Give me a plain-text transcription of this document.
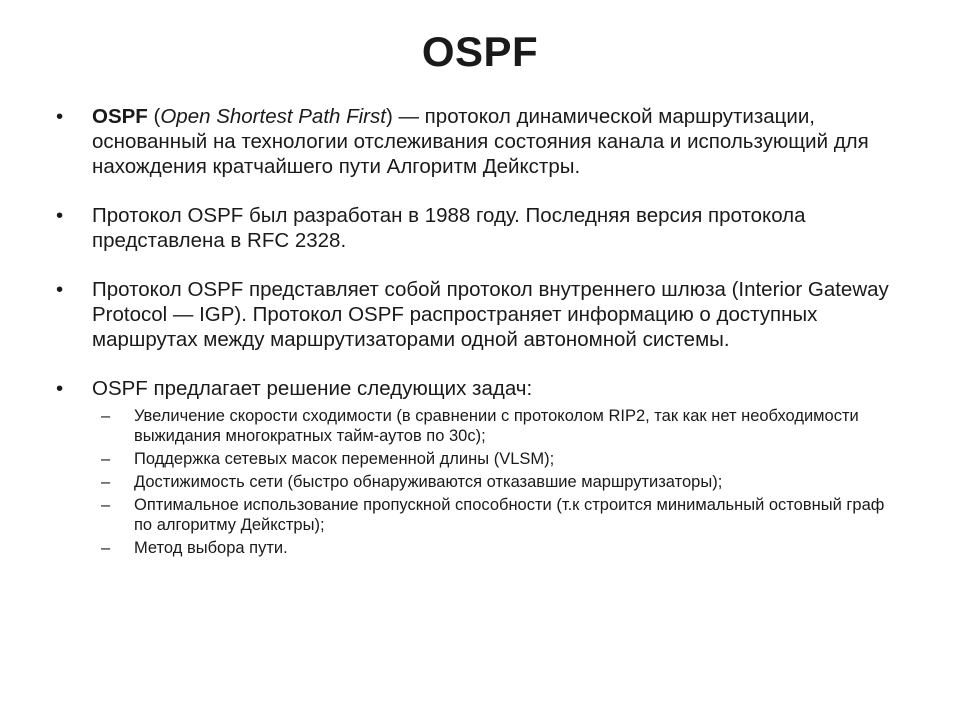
OSPF
•	OSPF (Open Shortest Path First) — протокол динамической маршрутизации, основанный на технологии отслеживания состояния канала и использующий для нахождения кратчайшего пути Алгоритм Дейкстры.
•	Протокол OSPF был разработан в 1988 году. Последняя версия протокола представлена в RFC 2328.
•	Протокол OSPF представляет собой протокол внутреннего шлюза (Interior Gateway Protocol — IGP). Протокол OSPF распространяет информацию о доступных маршрутах между маршрутизаторами одной автономной системы.
•	OSPF предлагает решение следующих задач:
–	Увеличение скорости сходимости (в сравнении с протоколом RIP2, так как нет необходимости выжидания многократных тайм-аутов по 30с);
–	Поддержка сетевых масок переменной длины (VLSM);
–	Достижимость сети (быстро обнаруживаются отказавшие маршрутизаторы);
–	Оптимальное использование пропускной способности (т.к строится минимальный остовный граф по алгоритму Дейкстры);
–	Метод выбора пути.
